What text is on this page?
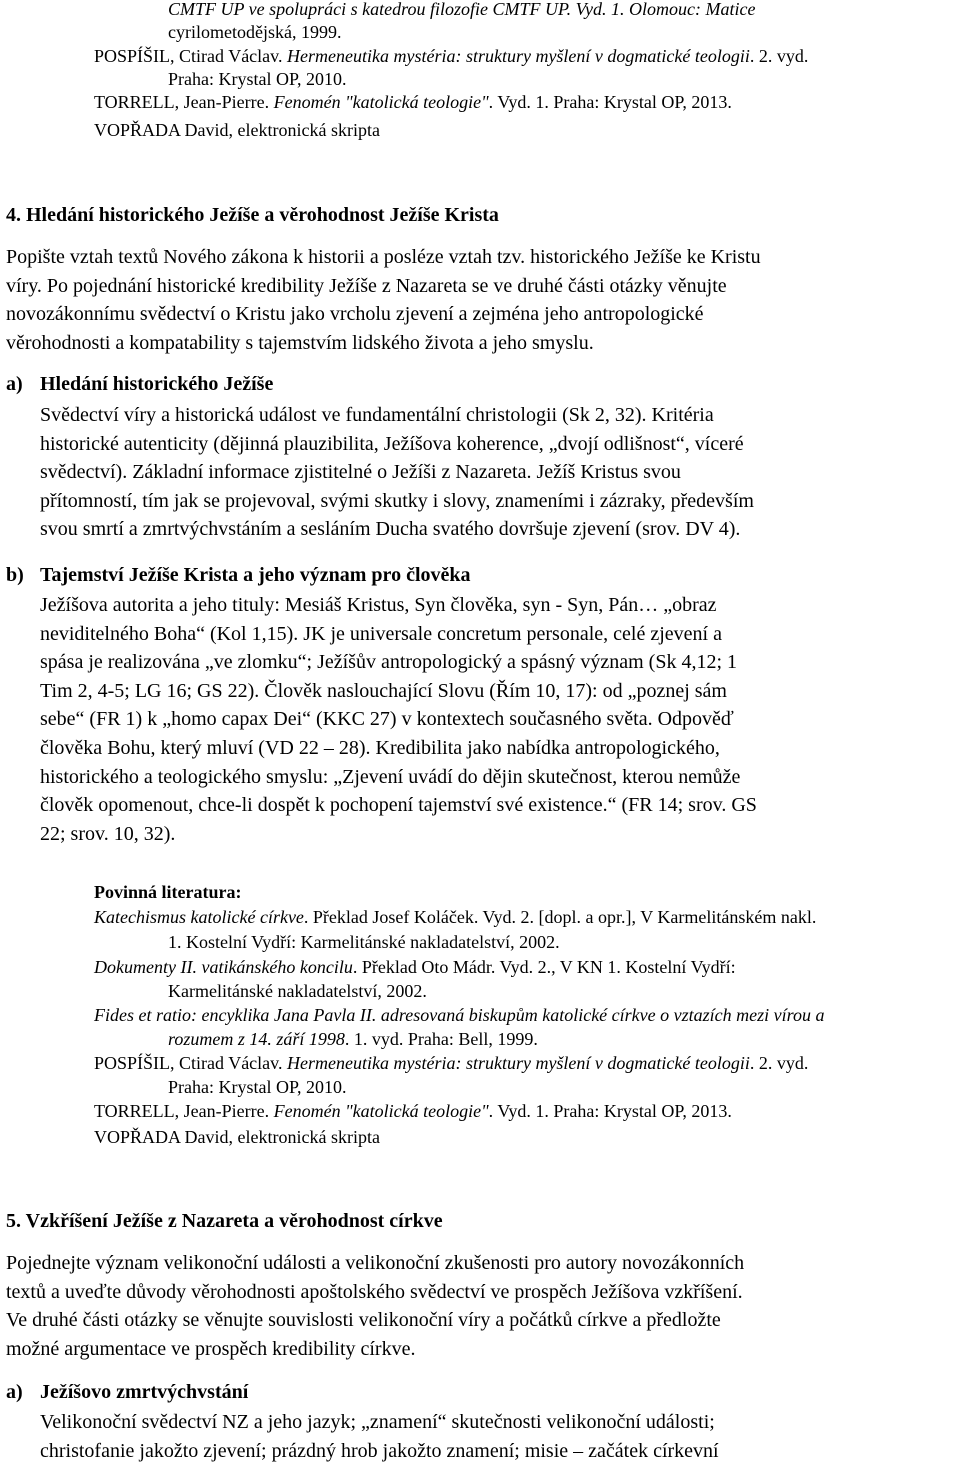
CMTF UP ve spolupráci s katedrou filozofie CMTF UP. Vyd. 1. Olomouc: Matice
cyrilometodějská, 1999.
POSPÍŠIL, Ctirad Václav. Hermeneutika mystéria: struktury myšlení v dogmatické teologii. 2. vyd.
Praha: Krystal OP, 2010.
TORRELL, Jean-Pierre. Fenomén "katolická teologie". Vyd. 1. Praha: Krystal OP, 2013.
VOPŘADA David, elektronická skripta
4. Hledání historického Ježíše a věrohodnost Ježíše Krista
Popište vztah textů Nového zákona k historii a posléze vztah tzv. historického Ježíše ke Kristu
víry. Po pojednání historické kredibility Ježíše z Nazareta se ve druhé části otázky věnujte
novozákonnímu svědectví o Kristu jako vrcholu zjevení a zejména jeho antropologické
věrohodnosti a kompatability s tajemstvím lidského života a jeho smyslu.
a) Hledání historického Ježíše
Svědectví víry a historická událost ve fundamentální christologii (Sk 2, 32). Kritéria
historické autenticity (dějinná plauzibilita, Ježíšova koherence, „dvojí odlišnost“, víceré
svědectví). Základní informace zjistitelné o Ježíši z Nazareta. Ježíš Kristus svou
přítomností, tím jak se projevoval, svými skutky i slovy, znameními i zázraky, především
svou smrtí a zmrtvýchvstáním a sesláním Ducha svatého dovršuje zjevení (srov. DV 4).
b) Tajemství Ježíše Krista a jeho význam pro člověka
Ježíšova autorita a jeho tituly: Mesiáš Kristus, Syn člověka, syn - Syn, Pán… „obraz
neviditelného Boha“ (Kol 1,15). JK je universale concretum personale, celé zjevení a
spása je realizována „ve zlomku“; Ježíšův antropologický a spásný význam (Sk 4,12; 1
Tim 2, 4-5; LG 16; GS 22). Člověk naslouchající Slovu (Řím 10, 17): od „poznej sám
sebe“ (FR 1) k „homo capax Dei“ (KKC 27) v kontextech současného světa. Odpověď
člověka Bohu, který mluví (VD 22 – 28). Kredibilita jako nabídka antropologického,
historického a teologického smyslu: „Zjevení uvádí do dějin skutečnost, kterou nemůže
člověk opomenout, chce-li dospět k pochopení tajemství své existence.“ (FR 14; srov. GS
22; srov. 10, 32).
Povinná literatura:
Katechismus katolické církve. Překlad Josef Koláček. Vyd. 2. [dopl. a opr.], V Karmelitánském nakl.
1. Kostelní Vydří: Karmelitánské nakladatelství, 2002.
Dokumenty II. vatikánského koncilu. Překlad Oto Mádr. Vyd. 2., V KN 1. Kostelní Vydří:
Karmelitánské nakladatelství, 2002.
Fides et ratio: encyklika Jana Pavla II. adresovaná biskupům katolické církve o vztazích mezi vírou a
rozumem z 14. září 1998. 1. vyd. Praha: Bell, 1999.
POSPÍŠIL, Ctirad Václav. Hermeneutika mystéria: struktury myšlení v dogmatické teologii. 2. vyd.
Praha: Krystal OP, 2010.
TORRELL, Jean-Pierre. Fenomén "katolická teologie". Vyd. 1. Praha: Krystal OP, 2013.
VOPŘADA David, elektronická skripta
5. Vzkříšení Ježíše z Nazareta a věrohodnost církve
Pojednejte význam velikonoční události a velikonoční zkušenosti pro autory novozákonních
textů a uveďte důvody věrohodnosti apoštolského svědectví ve prospěch Ježíšova vzkříšení.
Ve druhé části otázky se věnujte souvislosti velikonoční víry a počátků církve a předložte
možné argumentace ve prospěch kredibility církve.
a) Ježíšovo zmrtvýchvstání
Velikonoční svědectví NZ a jeho jazyk; „znamení“ skutečnosti velikonoční události;
christofanie jakožto zjevení; prázdný hrob jakožto znamení; misie – začátek církevní
